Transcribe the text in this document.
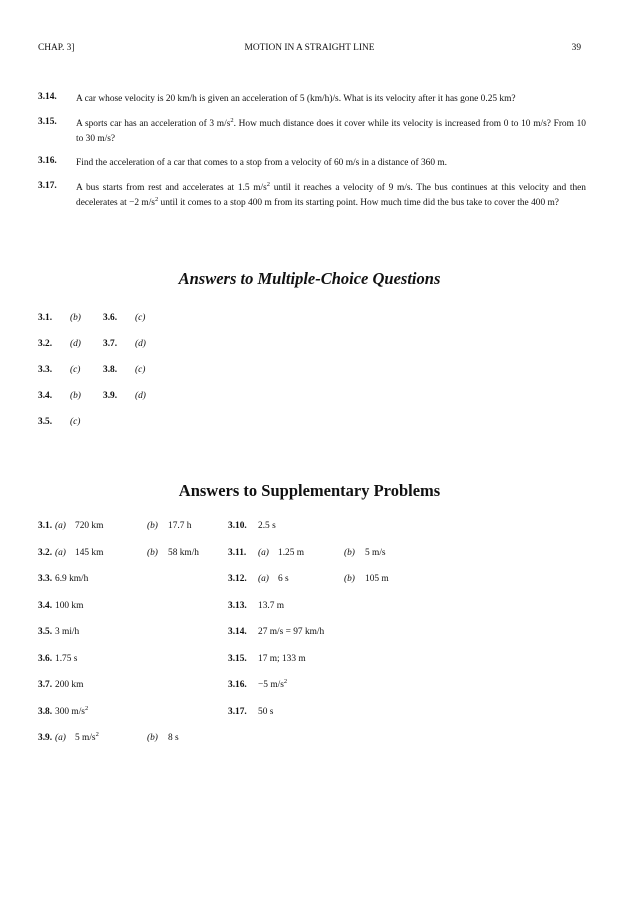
CHAP. 3]	MOTION IN A STRAIGHT LINE	39
3.14. A car whose velocity is 20 km/h is given an acceleration of 5 (km/h)/s. What is its velocity after it has gone 0.25 km?
3.15. A sports car has an acceleration of 3 $m/s^2$. How much distance does it cover while its velocity is increased from 0 to 10 m/s? From 10 to 30 m/s?
3.16. Find the acceleration of a car that comes to a stop from a velocity of 60 m/s in a distance of 360 m.
3.17. A bus starts from rest and accelerates at 1.5 $m/s^2$ until it reaches a velocity of 9 m/s. The bus continues at this velocity and then decelerates at −2 $m/s^2$ until it comes to a stop 400 m from its starting point. How much time did the bus take to cover the 400 m?
Answers to Multiple-Choice Questions
3.1. (b) 3.6. (c)
3.2. (d) 3.7. (d)
3.3. (c) 3.8. (c)
3.4. (b) 3.9. (d)
3.5. (c)
Answers to Supplementary Problems
3.1. (a) 720 km	(b) 17.7 h
3.2. (a) 145 km	(b) 58 km/h
3.3. 6.9 km/h
3.4. 100 km
3.5. 3 mi/h
3.6. 1.75 s
3.7. 200 km
3.8. 300 $m/s^2$
3.9. (a) 5 $m/s^2$	(b) 8 s
3.10. 2.5 s
3.11. (a) 1.25 m	(b) 5 m/s
3.12. (a) 6 s	(b) 105 m
3.13. 13.7 m
3.14. 27 m/s = 97 km/h
3.15. 17 m; 133 m
3.16. −5 $m/s^2$
3.17. 50 s
